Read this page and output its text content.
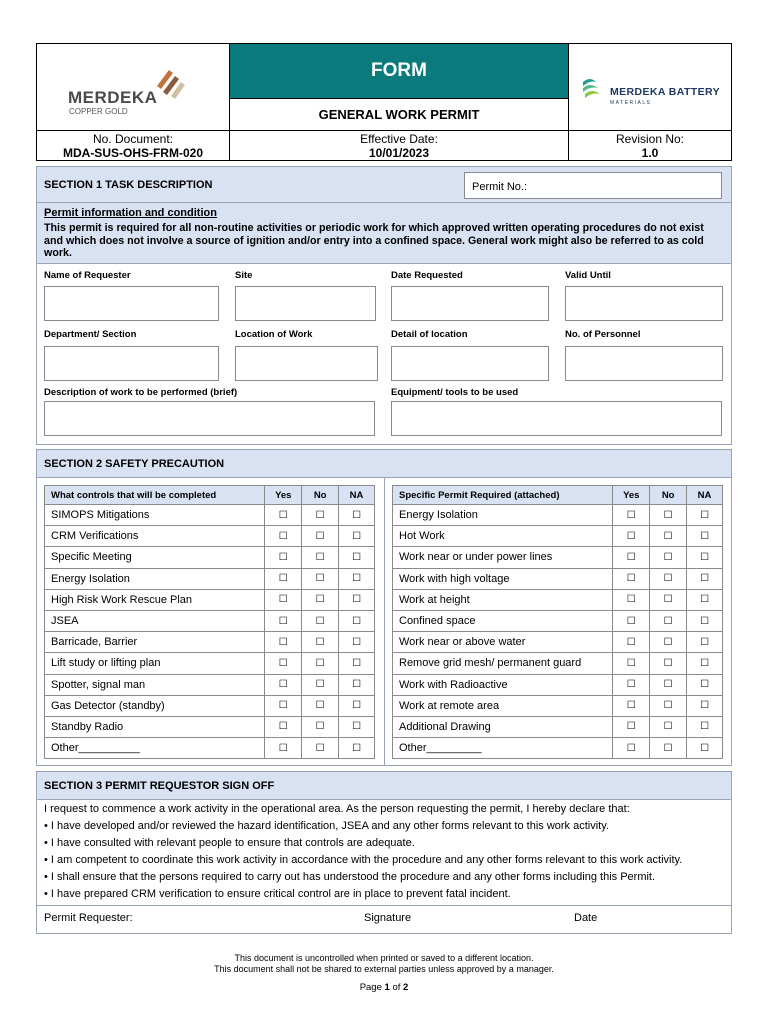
MERDEKA
COPPER GOLD
FORM
GENERAL WORK PERMIT
MERDEKA BATTERY
MATERIALS
No. Document:
MDA-SUS-OHS-FRM-020
Effective Date:
10/01/2023
Revision No:
1.0
SECTION 1 TASK DESCRIPTION	Permit No.:
Permit information and condition
This permit is required for all non-routine activities or periodic work for which approved written operating procedures do not exist and which does not involve a source of ignition and/or entry into a confined space. General work might also be referred to as cold work.
Name of Requester	Site	Date Requested	Valid Until
Department/ Section	Location of Work	Detail of location	No. of Personnel
Description of work to be performed (brief)	Equipment/ tools to be used
SECTION 2 SAFETY PRECAUTION
What controls that will be completed	Yes	No	NA
SIMOPS Mitigations	☐	☐	☐
CRM Verifications	☐	☐	☐
Specific Meeting	☐	☐	☐
Energy Isolation	☐	☐	☐
High Risk Work Rescue Plan	☐	☐	☐
JSEA	☐	☐	☐
Barricade, Barrier	☐	☐	☐
Lift study or lifting plan	☐	☐	☐
Spotter, signal man	☐	☐	☐
Gas Detector (standby)	☐	☐	☐
Standby Radio	☐	☐	☐
Other__________	☐	☐	☐
Specific Permit Required (attached)	Yes	No	NA
Energy Isolation	☐	☐	☐
Hot Work	☐	☐	☐
Work near or under power lines	☐	☐	☐
Work with high voltage	☐	☐	☐
Work at height	☐	☐	☐
Confined space	☐	☐	☐
Work near or above water	☐	☐	☐
Remove grid mesh/ permanent guard	☐	☐	☐
Work with Radioactive	☐	☐	☐
Work at remote area	☐	☐	☐
Additional Drawing	☐	☐	☐
Other_________	☐	☐	☐
SECTION 3 PERMIT REQUESTOR SIGN OFF
I request to commence a work activity in the operational area. As the person requesting the permit, I hereby declare that:
• I have developed and/or reviewed the hazard identification, JSEA and any other forms relevant to this work activity.
• I have consulted with relevant people to ensure that controls are adequate.
• I am competent to coordinate this work activity in accordance with the procedure and any other forms relevant to this work activity.
• I shall ensure that the persons required to carry out has understood the procedure and any other forms including this Permit.
• I have prepared CRM verification to ensure critical control are in place to prevent fatal incident.
Permit Requester:	Signature	Date
This document is uncontrolled when printed or saved to a different location.
This document shall not be shared to external parties unless approved by a manager.
Page 1 of 2
